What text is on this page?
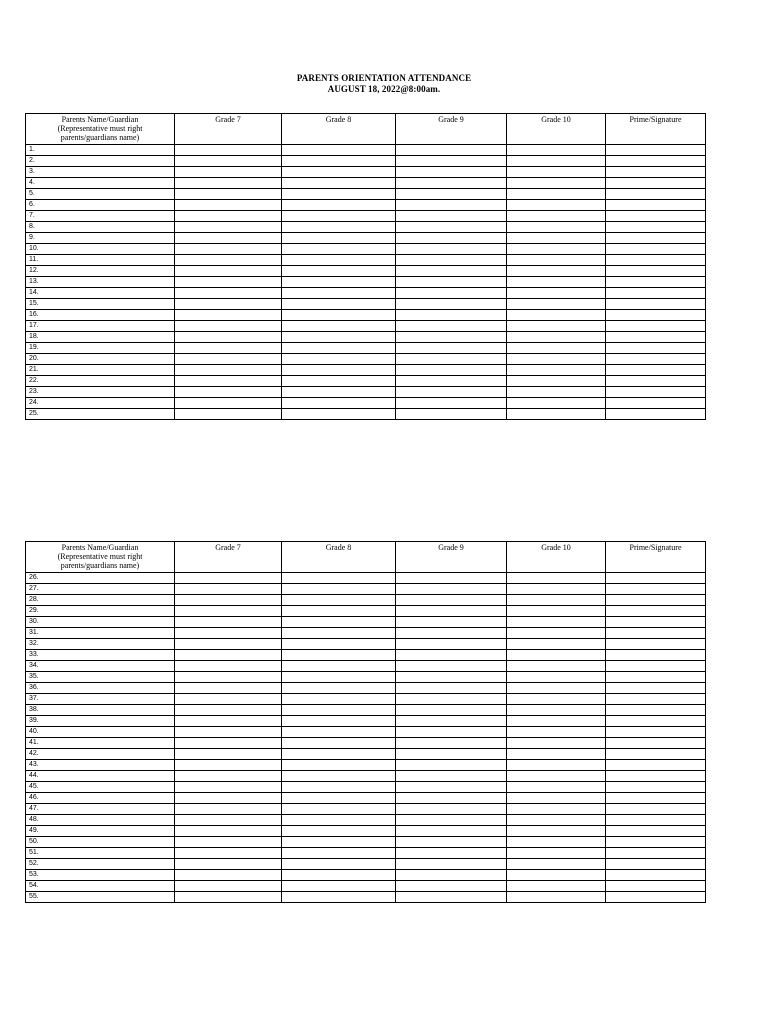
PARENTS ORIENTATION ATTENDANCE
AUGUST 18, 2022@8:00am.
Parents Name/Guardian
(Representative must right
parents/guardians name)	Grade 7	Grade 8	Grade 9	Grade 10	Prime/Signature
1.					
2.					
3.					
4.					
5.					
6.					
7.					
8.					
9.					
10.					
11.					
12.					
13.					
14.					
15.					
16.					
17.					
18.					
19.					
20.					
21.					
22.					
23.					
24.					
25.					
Parents Name/Guardian
(Representative must right
parents/guardians name)	Grade 7	Grade 8	Grade 9	Grade 10	Prime/Signature
26.					
27.					
28.					
29.					
30.					
31.					
32.					
33.					
34.					
35.					
36.					
37.					
38.					
39.					
40.					
41.					
42.					
43.					
44.					
45.					
46.					
47.					
48.					
49.					
50.					
51.					
52.					
53.					
54.					
55.					
